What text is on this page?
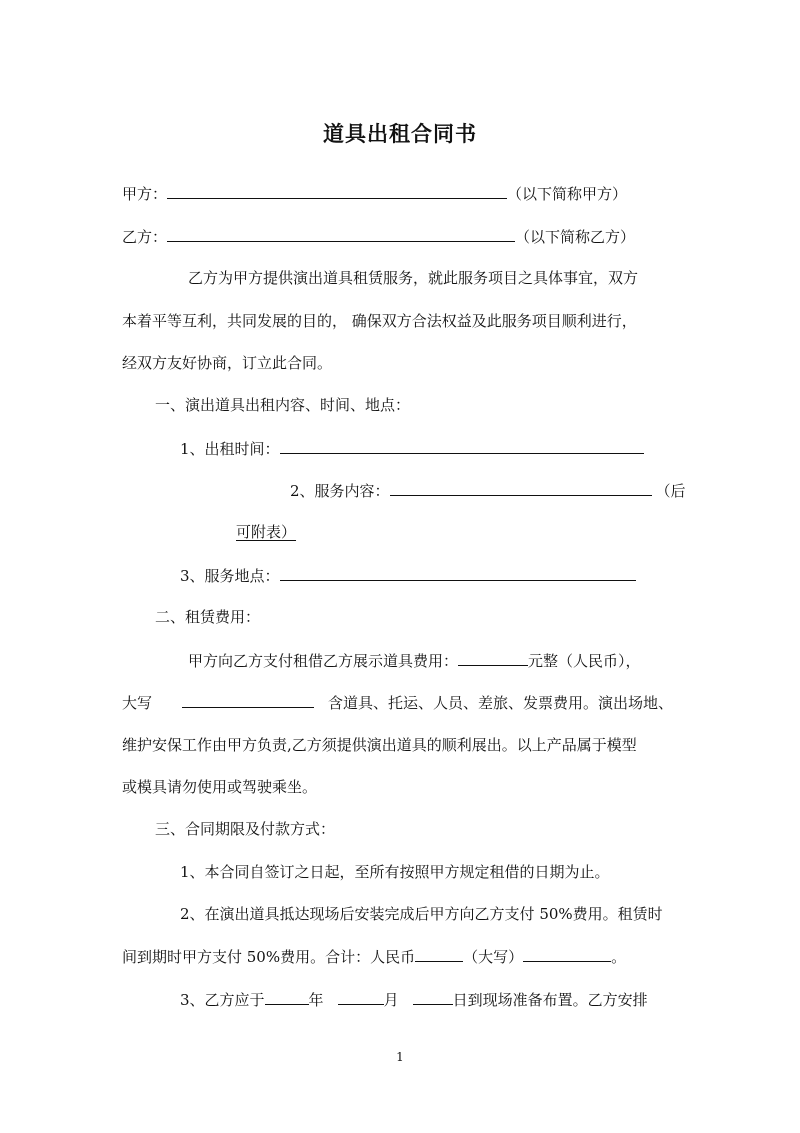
道具出租合同书
甲方：	（以下简称甲方）
乙方：	（以下简称乙方）
乙方为甲方提供演出道具租赁服务，就此服务项目之具体事宜，双方
本着平等互利，共同发展的目的， 确保双方合法权益及此服务项目顺利进行，
经双方友好协商，订立此合同。
一、演出道具出租内容、时间、地点：
1、出租时间：
2、服务内容：	（后
可附表）
3、服务地点：
二、租赁费用：
甲方向乙方支付租借乙方展示道具费用：	元整（人民币），
大写	含道具、托运、人员、差旅、发票费用。演出场地、
维护安保工作由甲方负责,乙方须提供演出道具的顺利展出。以上产品属于模型
或模具请勿使用或驾驶乘坐。
三、合同期限及付款方式：
1、本合同自签订之日起，至所有按照甲方规定租借的日期为止。
2、在演出道具抵达现场后安装完成后甲方向乙方支付 50%费用。租赁时
间到期时甲方支付 50%费用。合计：人民币	（大写）	。
3、乙方应于	年	月	日到现场准备布置。乙方安排
1
